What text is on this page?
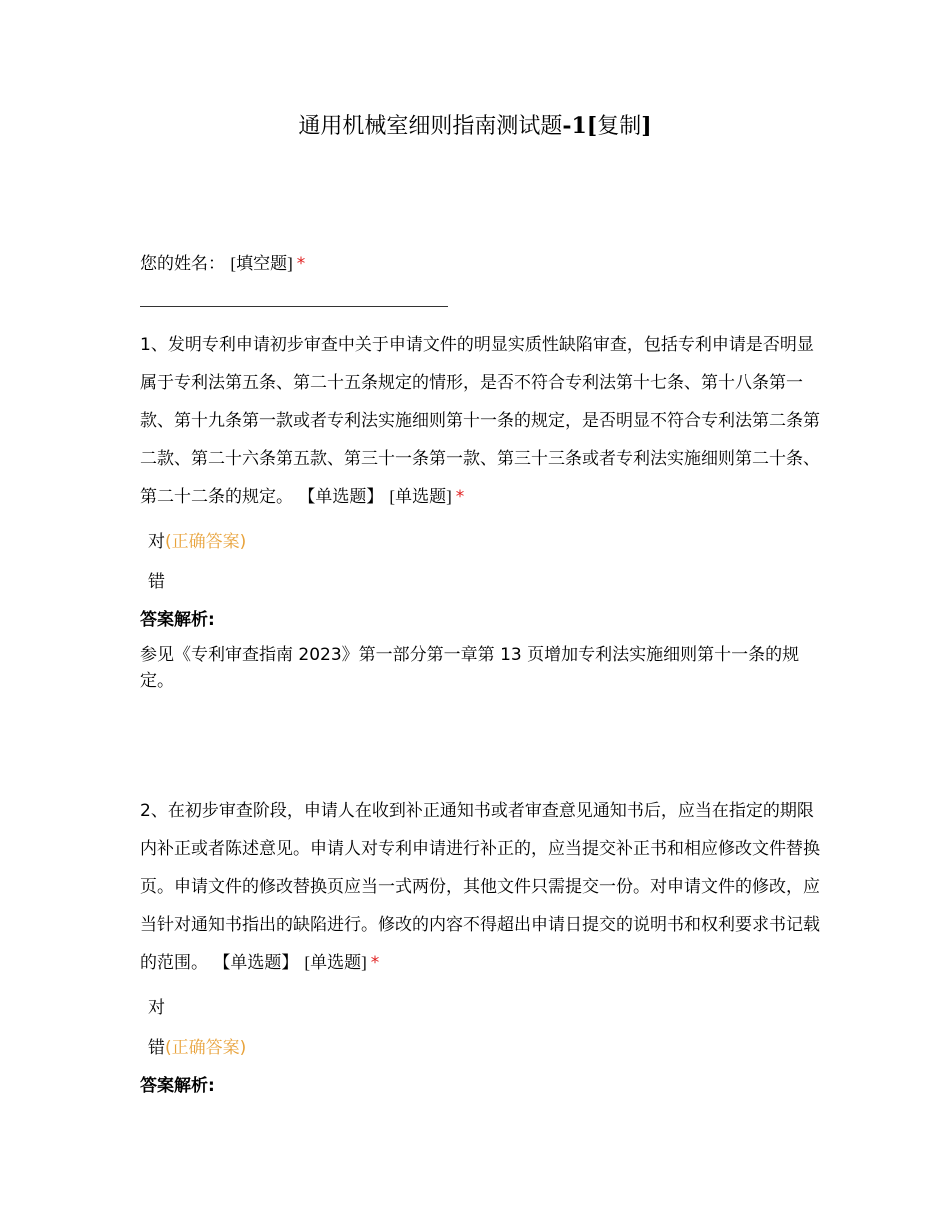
通用机械室细则指南测试题-1[复制]
您的姓名： [填空题] *

1、发明专利申请初步审查中关于申请文件的明显实质性缺陷审查，包括专利申请是否明显属于专利法第五条、第二十五条规定的情形，是否不符合专利法第十七条、第十八条第一款、第十九条第一款或者专利法实施细则第十一条的规定，是否明显不符合专利法第二条第二款、第二十六条第五款、第三十一条第一款、第三十三条或者专利法实施细则第二十条、第二十二条的规定。 【单选题】 [单选题] *

对(正确答案)
错
答案解析:
参见《专利审查指南 2023》第一部分第一章第 13 页增加专利法实施细则第十一条的规定。

2、在初步审查阶段，申请人在收到补正通知书或者审查意见通知书后，应当在指定的期限内补正或者陈述意见。申请人对专利申请进行补正的，应当提交补正书和相应修改文件替换页。申请文件的修改替换页应当一式两份，其他文件只需提交一份。对申请文件的修改，应当针对通知书指出的缺陷进行。修改的内容不得超出申请日提交的说明书和权利要求书记载的范围。 【单选题】 [单选题] *

对
错(正确答案)
答案解析:
